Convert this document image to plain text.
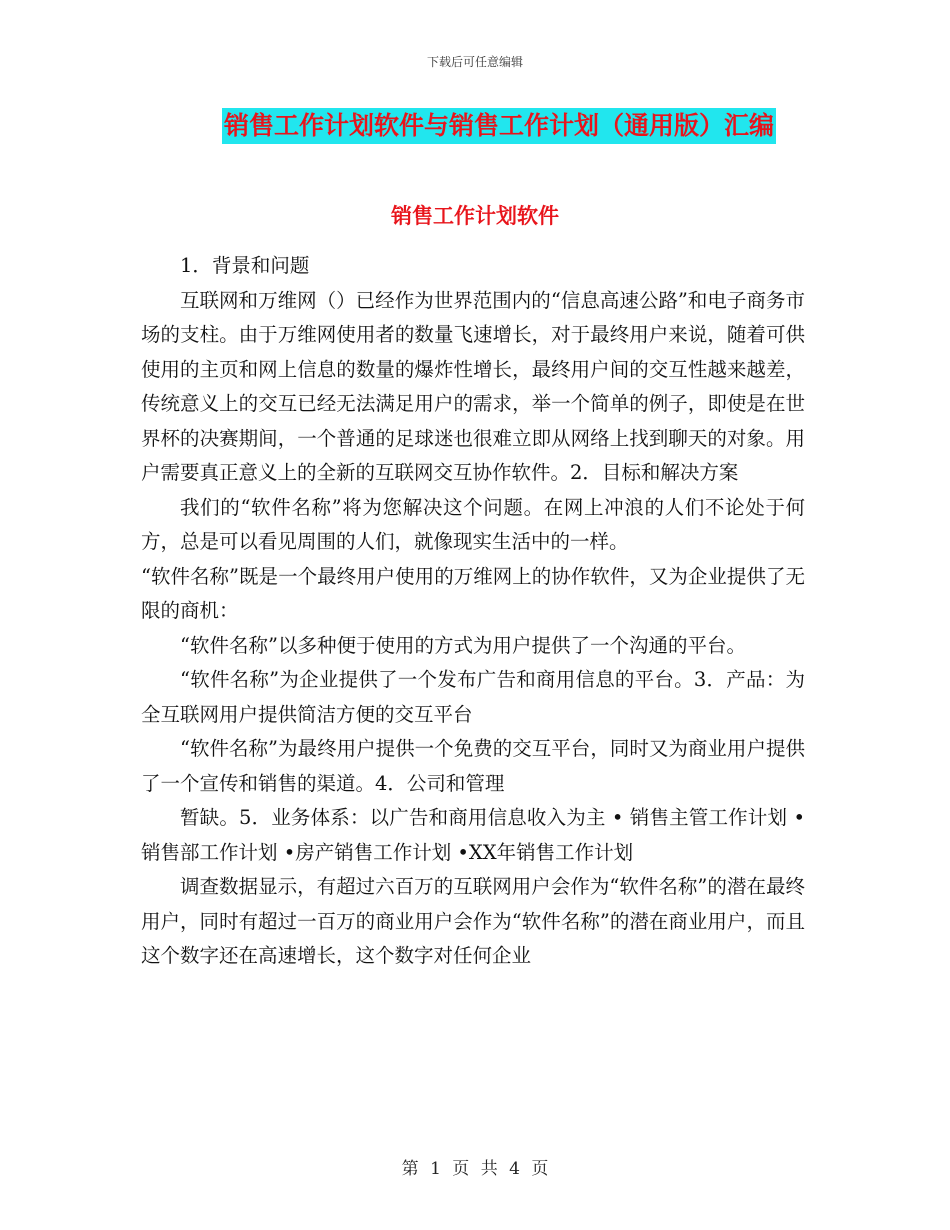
下载后可任意编辑
销售工作计划软件与销售工作计划（通用版）汇编
销售工作计划软件

1．背景和问题

互联网和万维网（）已经作为世界范围内的“信息高速公路”和电子商务市场的支柱。由于万维网使用者的数量飞速增长，对于最终用户来说，随着可供使用的主页和网上信息的数量的爆炸性增长，最终用户间的交互性越来越差，传统意义上的交互已经无法满足用户的需求，举一个简单的例子，即使是在世界杯的决赛期间，一个普通的足球迷也很难立即从网络上找到聊天的对象。用户需要真正意义上的全新的互联网交互协作软件。2．目标和解决方案

我们的“软件名称”将为您解决这个问题。在网上冲浪的人们不论处于何方，总是可以看见周围的人们，就像现实生活中的一样。

“软件名称”既是一个最终用户使用的万维网上的协作软件，又为企业提供了无限的商机：

“软件名称”以多种便于使用的方式为用户提供了一个沟通的平台。

“软件名称”为企业提供了一个发布广告和商用信息的平台。3．产品：为全互联网用户提供简洁方便的交互平台

“软件名称”为最终用户提供一个免费的交互平台，同时又为商业用户提供了一个宣传和销售的渠道。4．公司和管理

暂缺。5．业务体系：以广告和商用信息收入为主 • 销售主管工作计划 •销售部工作计划 •房产销售工作计划 •XX年销售工作计划

调查数据显示，有超过六百万的互联网用户会作为“软件名称”的潜在最终用户，同时有超过一百万的商业用户会作为“软件名称”的潜在商业用户，而且这个数字还在高速增长，这个数字对任何企业

第 1 页 共 4 页
